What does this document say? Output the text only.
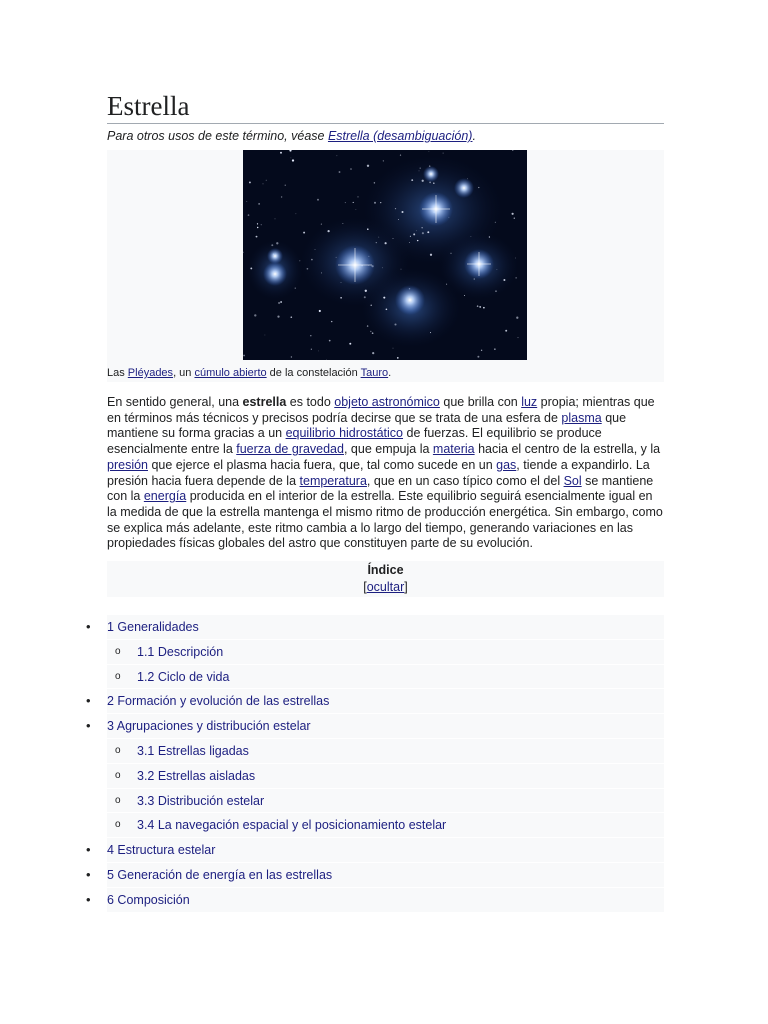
Estrella

Para otros usos de este término, véase Estrella (desambiguación).

Las Pléyades, un cúmulo abierto de la constelación Tauro.

En sentido general, una estrella es todo objeto astronómico que brilla con luz propia; mientras que en términos más técnicos y precisos podría decirse que se trata de una esfera de plasma que mantiene su forma gracias a un equilibrio hidrostático de fuerzas. El equilibrio se produce esencialmente entre la fuerza de gravedad, que empuja la materia hacia el centro de la estrella, y la presión que ejerce el plasma hacia fuera, que, tal como sucede en un gas, tiende a expandirlo. La presión hacia fuera depende de la temperatura, que en un caso típico como el del Sol se mantiene con la energía producida en el interior de la estrella. Este equilibrio seguirá esencialmente igual en la medida de que la estrella mantenga el mismo ritmo de producción energética. Sin embargo, como se explica más adelante, este ritmo cambia a lo largo del tiempo, generando variaciones en las propiedades físicas globales del astro que constituyen parte de su evolución.

Índice
[ocultar]
• 1 Generalidades
o 1.1 Descripción
o 1.2 Ciclo de vida
• 2 Formación y evolución de las estrellas
• 3 Agrupaciones y distribución estelar
o 3.1 Estrellas ligadas
o 3.2 Estrellas aisladas
o 3.3 Distribución estelar
o 3.4 La navegación espacial y el posicionamiento estelar
• 4 Estructura estelar
• 5 Generación de energía en las estrellas
• 6 Composición
